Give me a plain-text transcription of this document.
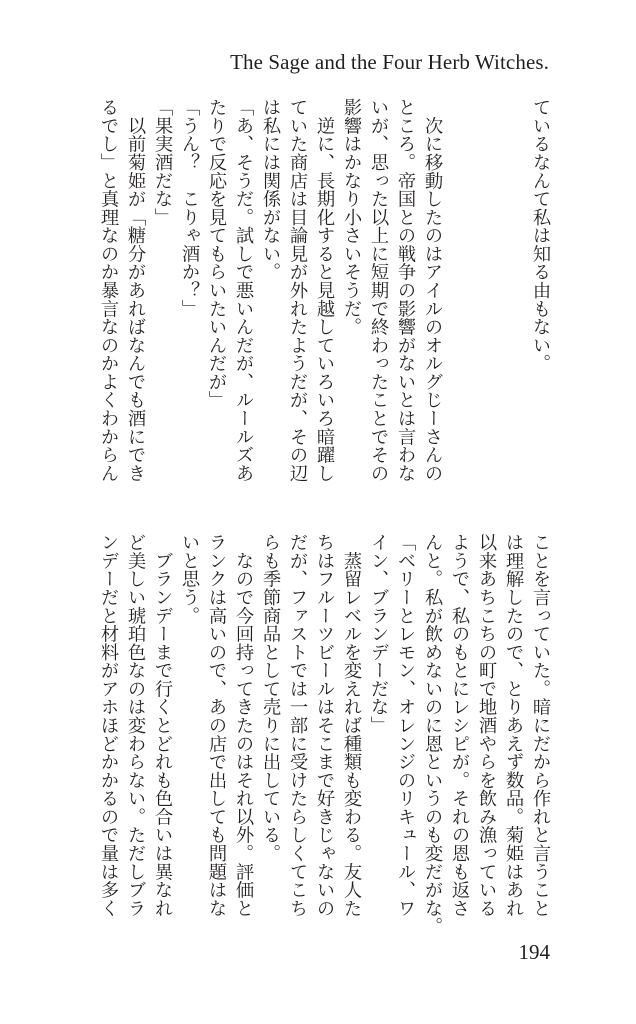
The Sage and the Four Herb Witches.
ているなんて私は知る由もない。
　次に移動したのはアイルのオルグじーさんの
ところ。帝国との戦争の影響がないとは言わな
いが、思った以上に短期で終わったことでその
影響はかなり小さいそうだ。
　逆に、長期化すると見越していろいろ暗躍し
ていた商店は目論見が外れたようだが、その辺
は私には関係がない。
「あ、そうだ。試しで悪いんだが、ルールズあ
たりで反応を見てもらいたいんだが」
「うん？　こりゃ酒か？」
「果実酒だな」
　以前菊姫が「糖分があればなんでも酒にでき
るでし」と真理なのか暴言なのかよくわからん
ことを言っていた。暗にだから作れと言うこと
は理解したので、とりあえず数品。菊姫はあれ
以来あちこちの町で地酒やらを飲み漁っている
ようで、私のもとにレシピが。それの恩も返さ
んと。私が飲めないのに恩というのも変だがな。
「ベリーとレモン、オレンジのリキュール、ワ
イン、ブランデーだな」
　蒸留レベルを変えれば種類も変わる。友人た
ちはフルーツビールはそこまで好きじゃないの
だが、ファストでは一部に受けたらしくてこち
らも季節商品として売りに出している。
　なので今回持ってきたのはそれ以外。評価と
ランクは高いので、あの店で出しても問題はな
いと思う。
　ブランデーまで行くとどれも色合いは異なれ
ど美しい琥珀色なのは変わらない。ただしブラ
ンデーだと材料がアホほどかかるので量は多く
194
